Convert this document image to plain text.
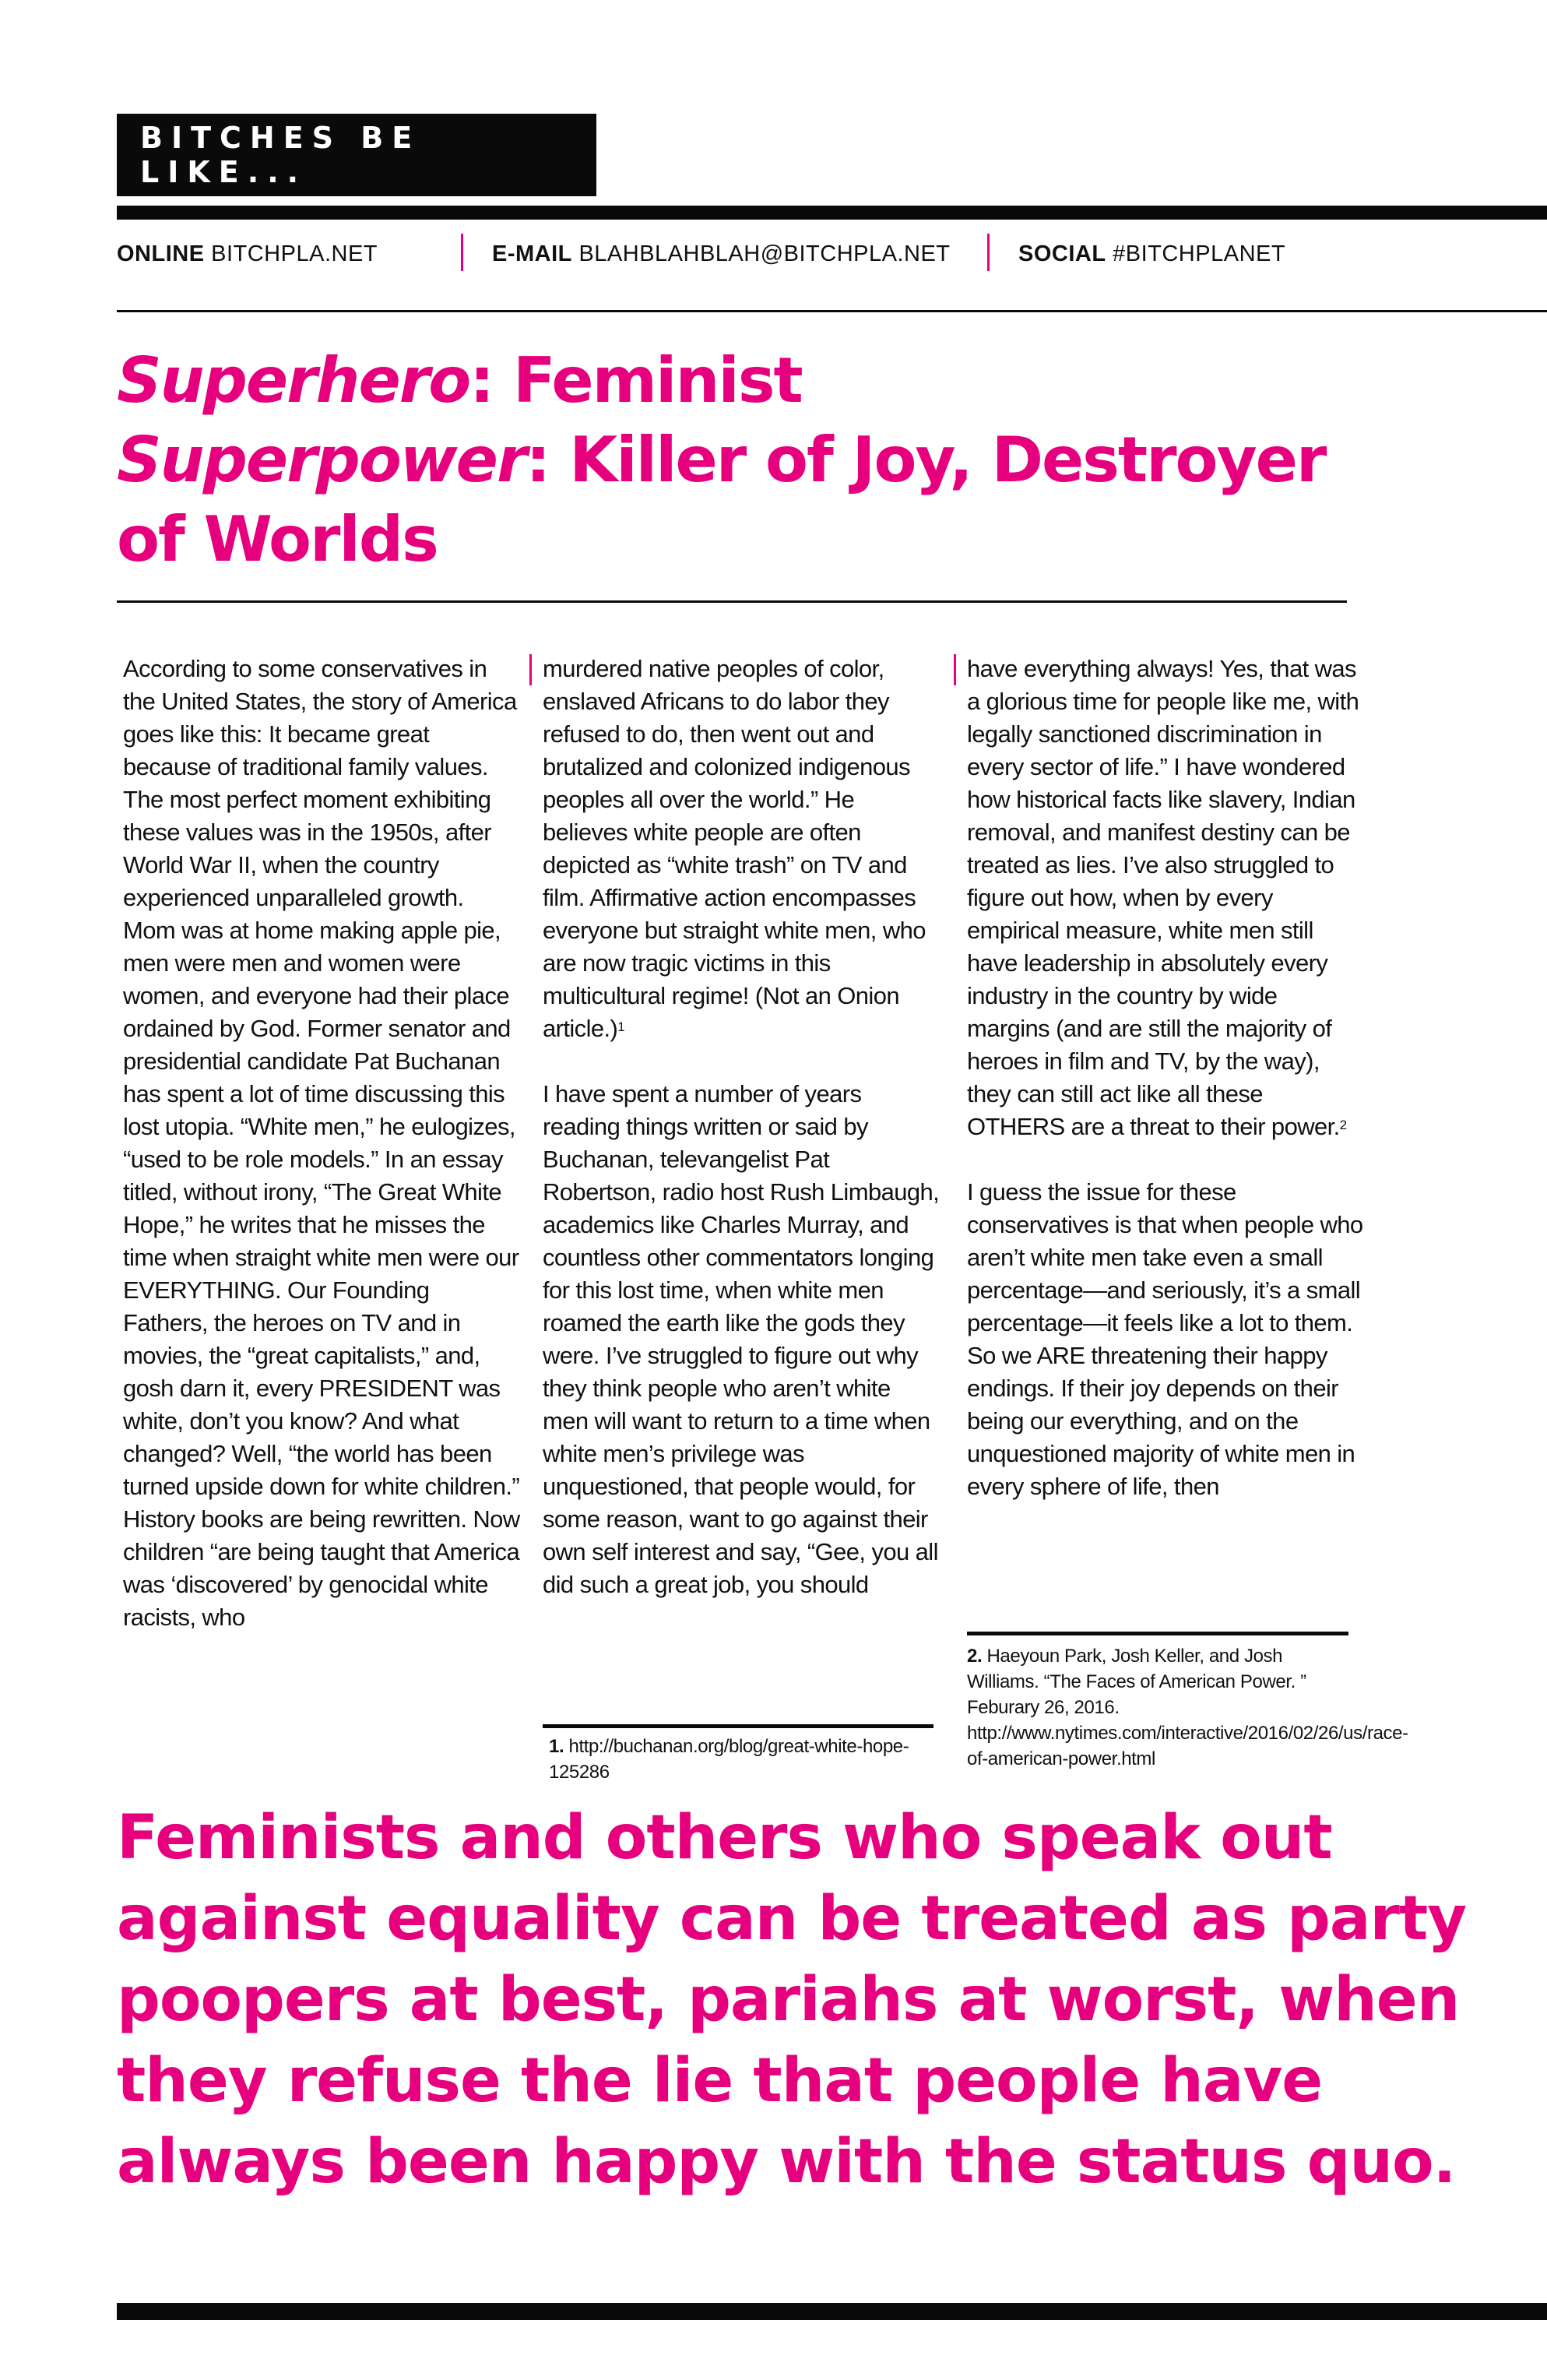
BITCHES BE LIKE...
ONLINE BITCHPLA.NET	E-MAIL BLAHBLAHBLAH@BITCHPLA.NET	SOCIAL #BITCHPLANET
Superhero: Feminist
Superpower: Killer of Joy, Destroyer of Worlds

According to some conservatives in the United States, the story of America goes like this: It became great because of traditional family values. The most perfect moment exhibiting these values was in the 1950s, after World War II, when the country experienced unparalleled growth. Mom was at home making apple pie, men were men and women were women, and everyone had their place ordained by God. Former senator and presidential candidate Pat Buchanan has spent a lot of time discussing this lost utopia. “White men,” he eulogizes, “used to be role models.” In an essay titled, without irony, “The Great White Hope,” he writes that he misses the time when straight white men were our EVERYTHING. Our Founding Fathers, the heroes on TV and in movies, the “great capitalists,” and, gosh darn it, every PRESIDENT was white, don’t you know? And what changed? Well, “the world has been turned upside down for white children.” History books are being rewritten. Now children “are being taught that America was ‘discovered’ by genocidal white racists, who

murdered native peoples of color, enslaved Africans to do labor they refused to do, then went out and brutalized and colonized indigenous peoples all over the world.” He believes white people are often depicted as “white trash” on TV and film. Affirmative action encompasses everyone but straight white men, who are now tragic victims in this multicultural regime! (Not an Onion article.)$^1$

I have spent a number of years reading things written or said by Buchanan, televangelist Pat Robertson, radio host Rush Limbaugh, academics like Charles Murray, and countless other commentators longing for this lost time, when white men roamed the earth like the gods they were. I’ve struggled to figure out why they think people who aren’t white men will want to return to a time when white men’s privilege was unquestioned, that people would, for some reason, want to go against their own self interest and say, “Gee, you all did such a great job, you should

have everything always! Yes, that was a glorious time for people like me, with legally sanctioned discrimination in every sector of life.” I have wondered how historical facts like slavery, Indian removal, and manifest destiny can be treated as lies. I’ve also struggled to figure out how, when by every empirical measure, white men still have leadership in absolutely every industry in the country by wide margins (and are still the majority of heroes in film and TV, by the way), they can still act like all these OTHERS are a threat to their power.$^2$

I guess the issue for these conservatives is that when people who aren’t white men take even a small percentage—and seriously, it’s a small percentage—it feels like a lot to them. So we ARE threatening their happy endings. If their joy depends on their being our everything, and on the unquestioned majority of white men in every sphere of life, then

1. http://buchanan.org/blog/great-white-hope-125286
2. Haeyoun Park, Josh Keller, and Josh Williams. “The Faces of American Power. ” Feburary 26, 2016. http://www.nytimes.com/interactive/2016/02/26/us/race-of-american-power.html

Feminists and others who speak out against equality can be treated as party poopers at best, pariahs at worst, when they refuse the lie that people have always been happy with the status quo.
